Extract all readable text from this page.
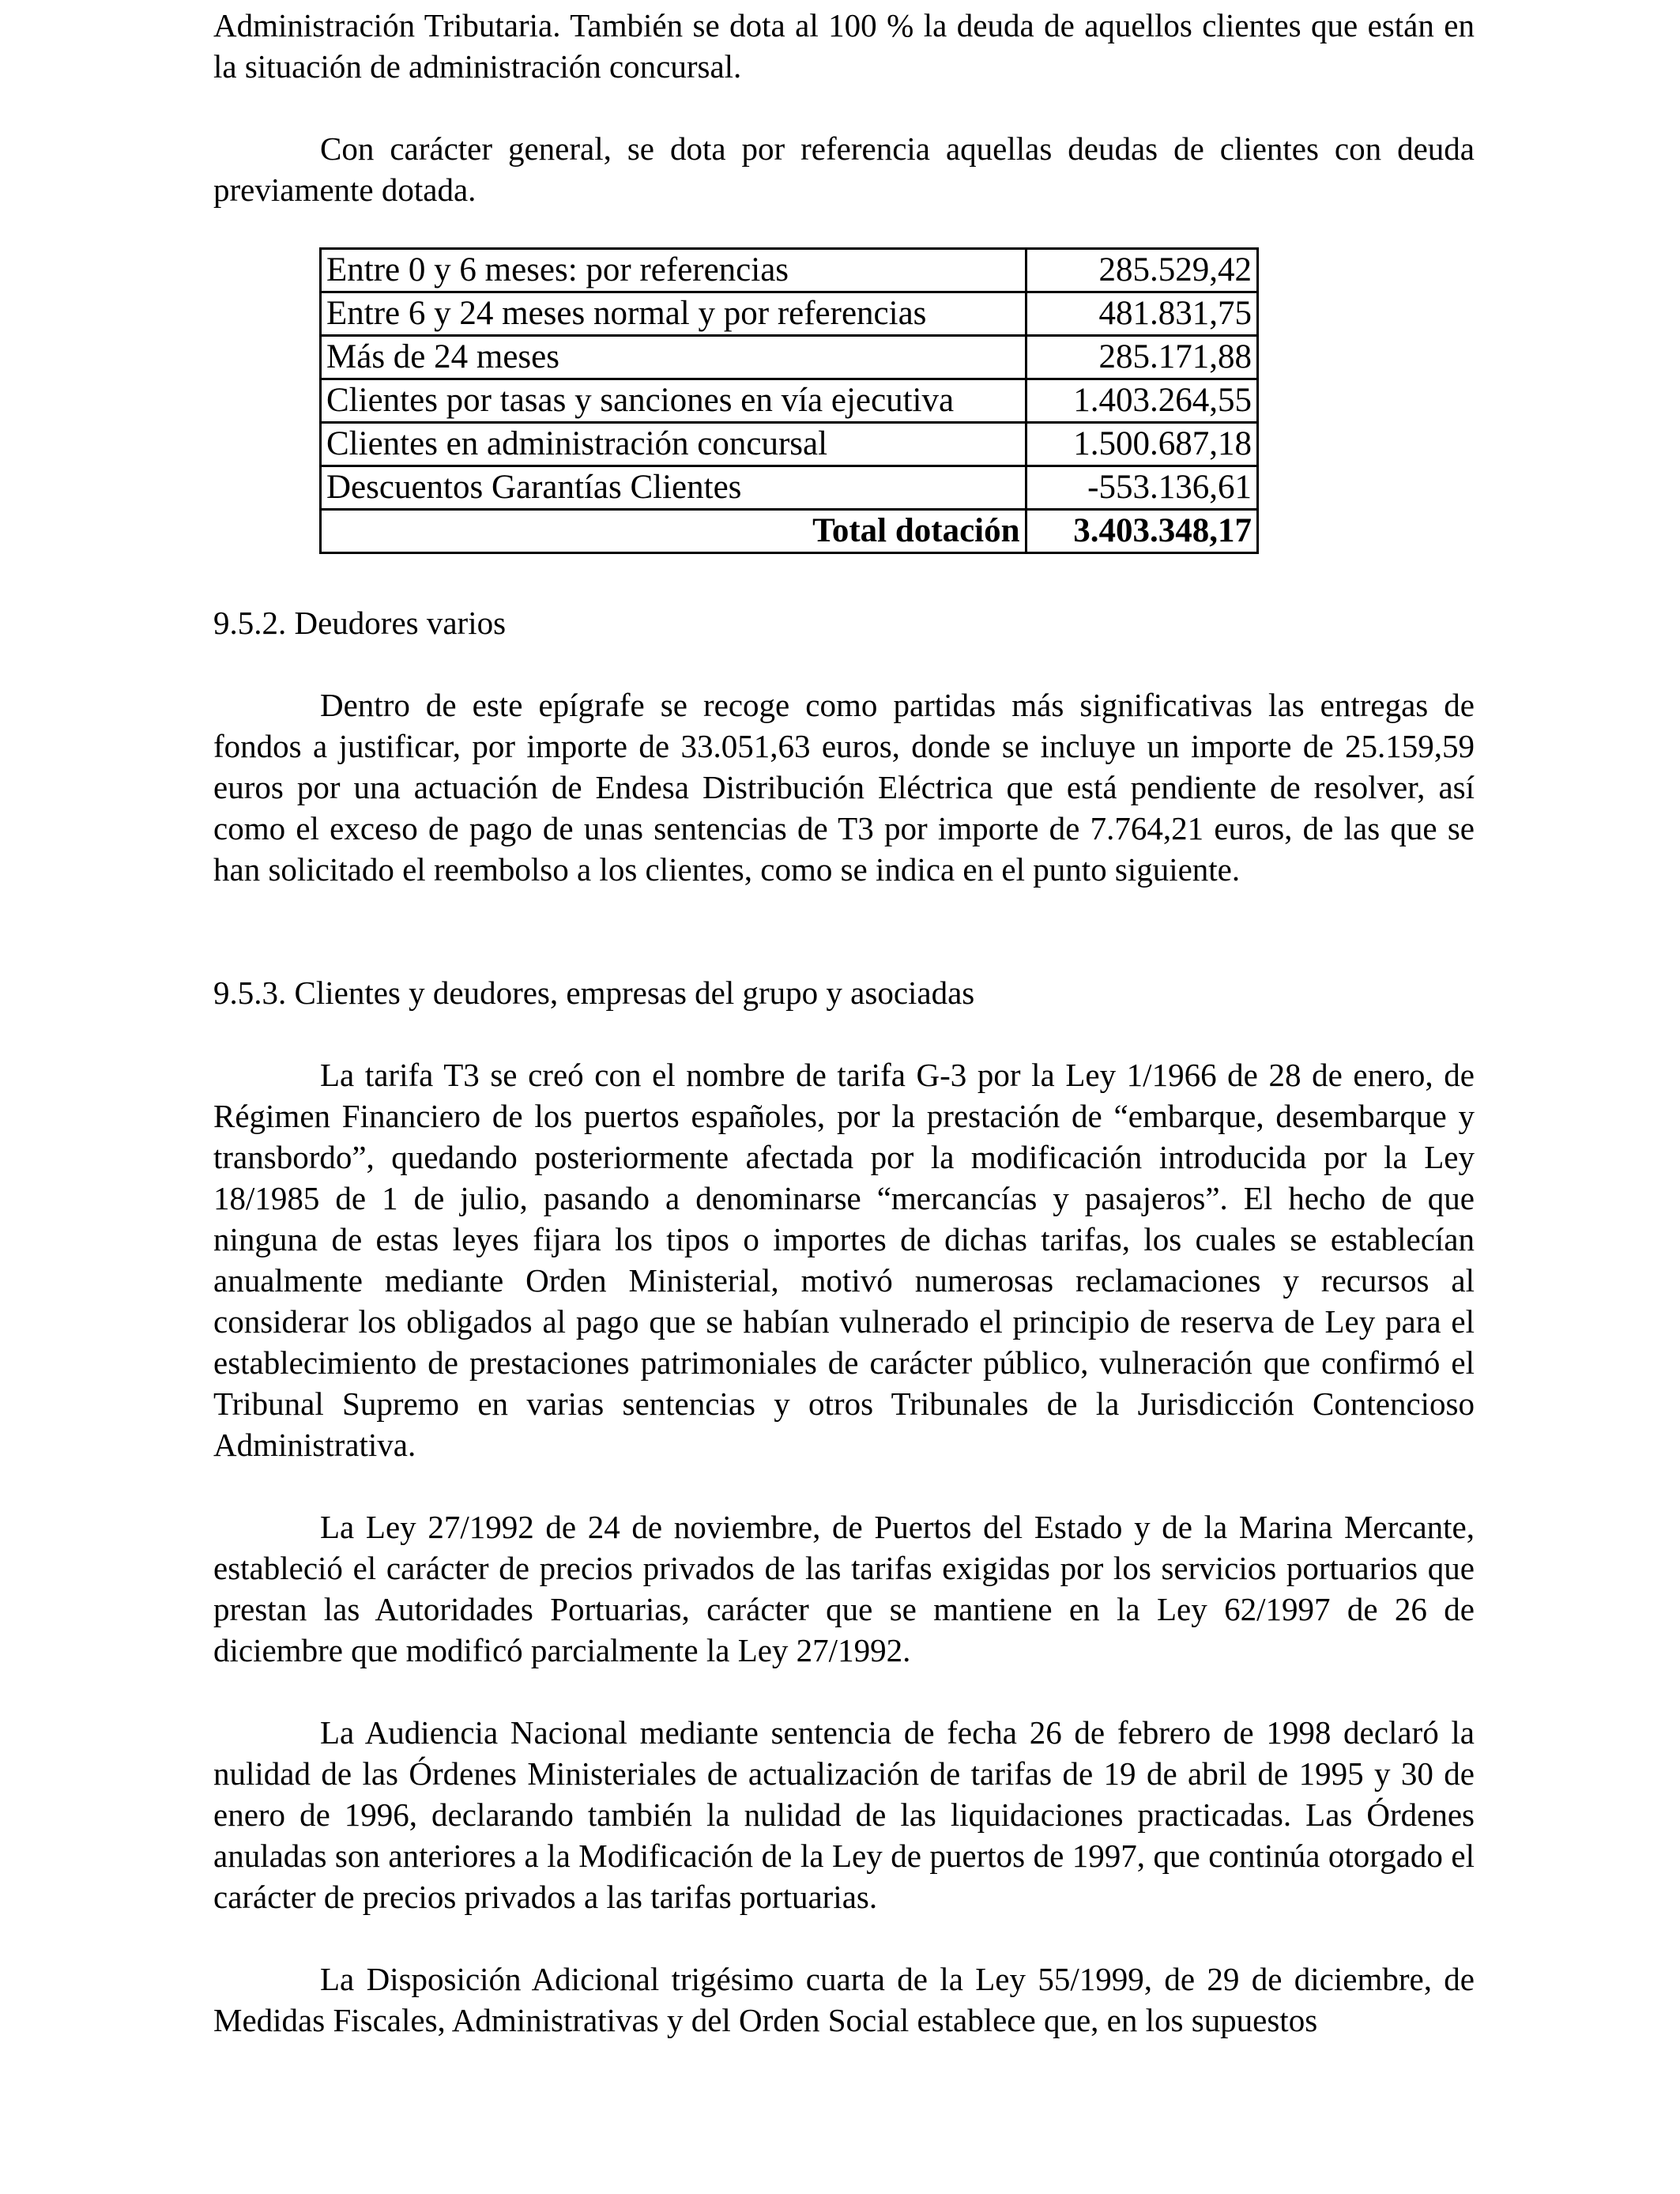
Administración Tributaria. También se dota al 100 % la deuda de aquellos clientes que están en la situación de administración concursal.

Con carácter general, se dota por referencia aquellas deudas de clientes con deuda previamente dotada.

Entre 0 y 6 meses: por referencias	285.529,42
Entre 6 y 24 meses normal y por referencias	481.831,75
Más de 24 meses	285.171,88
Clientes por tasas y sanciones en vía ejecutiva	1.403.264,55
Clientes en administración concursal	1.500.687,18
Descuentos Garantías Clientes	-553.136,61
Total dotación	3.403.348,17

9.5.2. Deudores varios

Dentro de este epígrafe se recoge como partidas más significativas las entregas de fondos a justificar, por importe de 33.051,63 euros, donde se incluye un importe de 25.159,59 euros por una actuación de Endesa Distribución Eléctrica que está pendiente de resolver, así como el exceso de pago de unas sentencias de T3 por importe de 7.764,21 euros, de las que se han solicitado el reembolso a los clientes, como se indica en el punto siguiente.

9.5.3. Clientes y deudores, empresas del grupo y asociadas

La tarifa T3 se creó con el nombre de tarifa G-3 por la Ley 1/1966 de 28 de enero, de Régimen Financiero de los puertos españoles, por la prestación de “embarque, desembarque y transbordo”, quedando posteriormente afectada por la modificación introducida por la Ley 18/1985 de 1 de julio, pasando a denominarse “mercancías y pasajeros”. El hecho de que ninguna de estas leyes fijara los tipos o importes de dichas tarifas, los cuales se establecían anualmente mediante Orden Ministerial, motivó numerosas reclamaciones y recursos al considerar los obligados al pago que se habían vulnerado el principio de reserva de Ley para el establecimiento de prestaciones patrimoniales de carácter público, vulneración que confirmó el Tribunal Supremo en varias sentencias y otros Tribunales de la Jurisdicción Contencioso Administrativa.

La Ley 27/1992 de 24 de noviembre, de Puertos del Estado y de la Marina Mercante, estableció el carácter de precios privados de las tarifas exigidas por los servicios portuarios que prestan las Autoridades Portuarias, carácter que se mantiene en la Ley 62/1997 de 26 de diciembre que modificó parcialmente la Ley 27/1992.

La Audiencia Nacional mediante sentencia de fecha 26 de febrero de 1998 declaró la nulidad de las Órdenes Ministeriales de actualización de tarifas de 19 de abril de 1995 y 30 de enero de 1996, declarando también la nulidad de las liquidaciones practicadas. Las Órdenes anuladas son anteriores a la Modificación de la Ley de puertos de 1997, que continúa otorgado el carácter de precios privados a las tarifas portuarias.

La Disposición Adicional trigésimo cuarta de la Ley 55/1999, de 29 de diciembre, de Medidas Fiscales, Administrativas y del Orden Social establece que, en los supuestos
